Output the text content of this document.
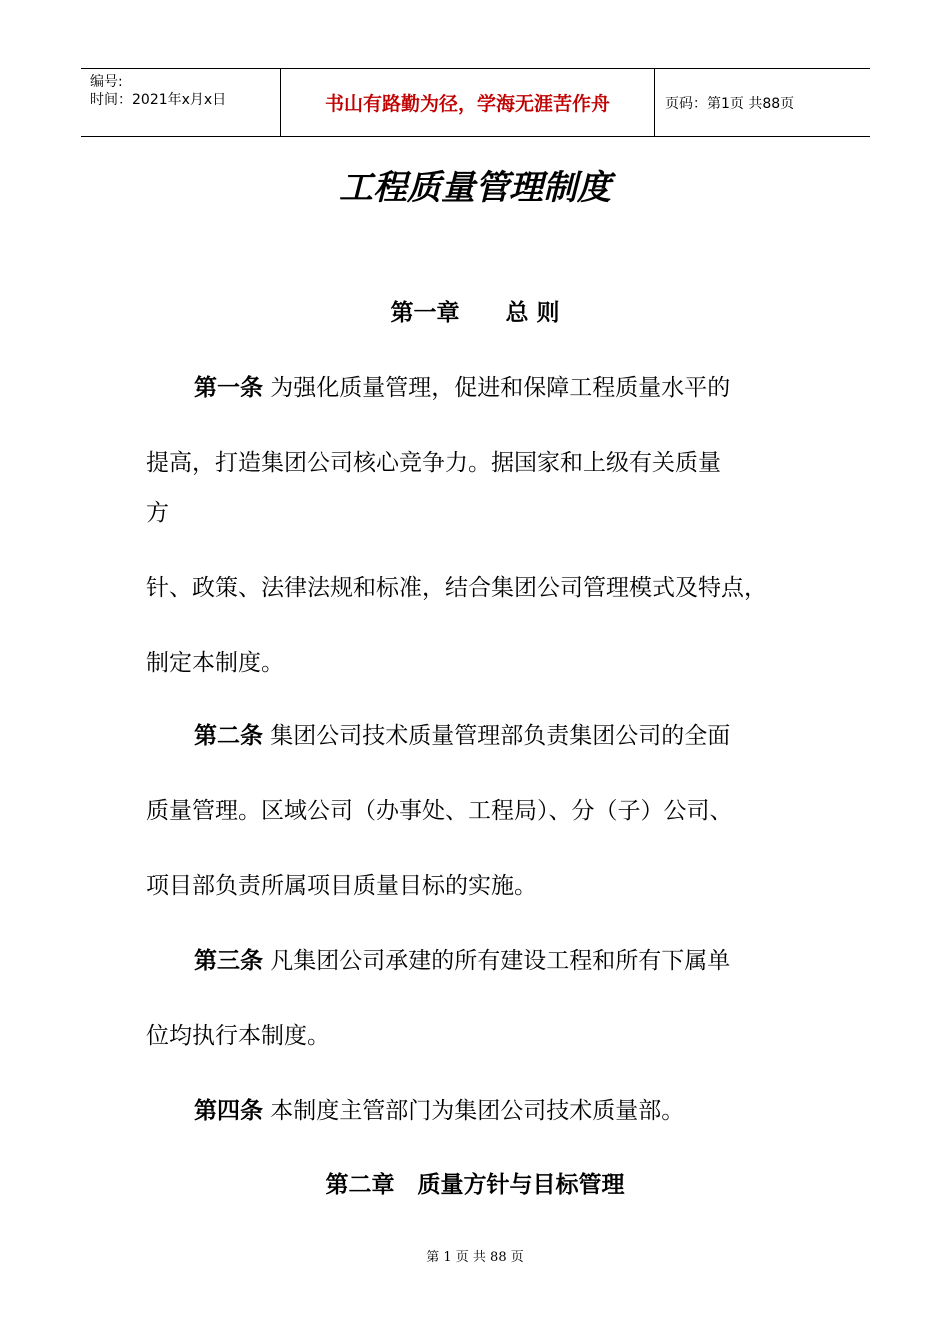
编号:
时间：2021年x月x日	书山有路勤为径，学海无涯苦作舟	页码：第1页 共88页
工程质量管理制度
第一章　　总 则
第一条 为强化质量管理，促进和保障工程质量水平的
提高，打造集团公司核心竞争力。据国家和上级有关质量
方
针、政策、法律法规和标准，结合集团公司管理模式及特点，
制定本制度。
第二条 集团公司技术质量管理部负责集团公司的全面
质量管理。区域公司（办事处、工程局）、分（子）公司、
项目部负责所属项目质量目标的实施。
第三条 凡集团公司承建的所有建设工程和所有下属单
位均执行本制度。
第四条 本制度主管部门为集团公司技术质量部。
第二章　质量方针与目标管理
第 1 页 共 88 页
